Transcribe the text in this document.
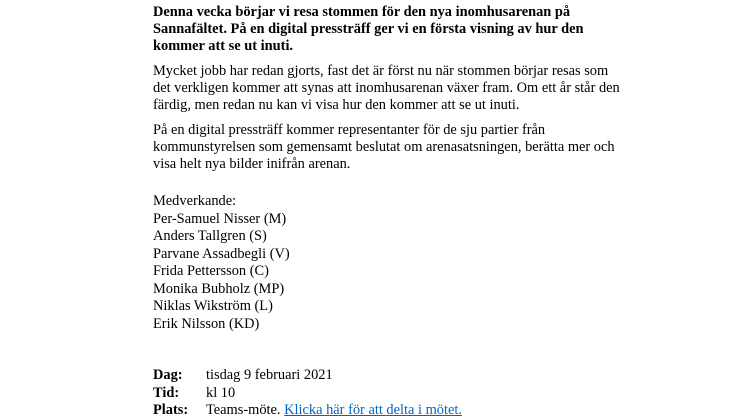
Denna vecka börjar vi resa stommen för den nya inomhusarenan på Sannafältet. På en digital pressträff ger vi en första visning av hur den kommer att se ut inuti.

Mycket jobb har redan gjorts, fast det är först nu när stommen börjar resas som det verkligen kommer att synas att inomhusarenan växer fram. Om ett år står den färdig, men redan nu kan vi visa hur den kommer att se ut inuti.

På en digital pressträff kommer representanter för de sju partier från kommunstyrelsen som gemensamt beslutat om arenasatsningen, berätta mer och visa helt nya bilder inifrån arenan.

Medverkande:
Per-Samuel Nisser (M)
Anders Tallgren (S)
Parvane Assadbegli (V)
Frida Pettersson (C)
Monika Bubholz (MP)
Niklas Wikström (L)
Erik Nilsson (KD)
Dag:	tisdag 9 februari 2021
Tid:	kl 10
Plats:	Teams-möte. Klicka här för att delta i mötet.
